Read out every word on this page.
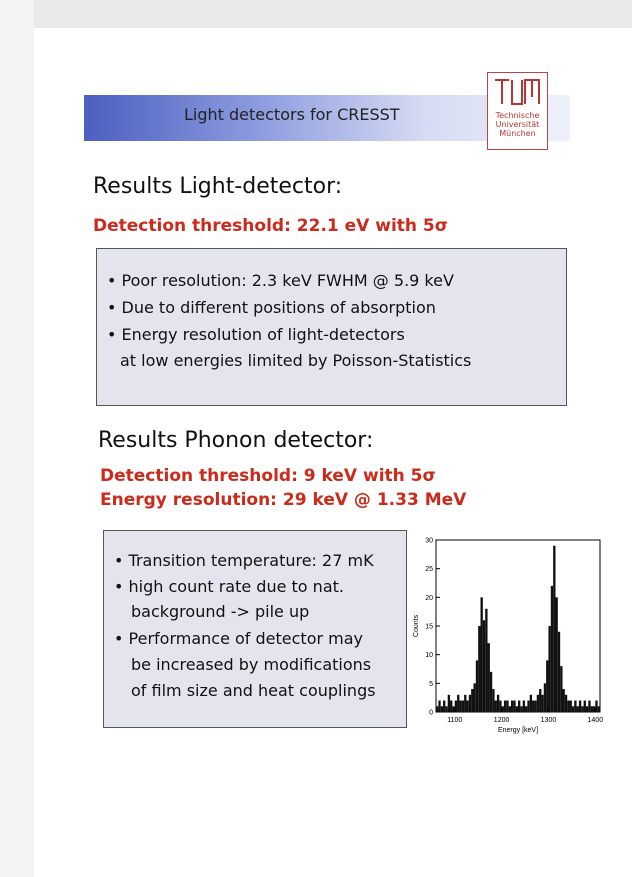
Light detectors for CRESST	Technische
Universität
München
Results Light-detector:
Detection threshold: 22.1 eV with 5σ
• Poor resolution: 2.3 keV FWHM @ 5.9 keV
• Due to different positions of absorption
• Energy resolution of light-detectors
at low energies limited by Poisson-Statistics
Results Phonon detector:
Detection threshold: 9 keV with 5σ
Energy resolution: 29 keV @ 1.33 MeV
• Transition temperature: 27 mK
• high count rate due to nat.
background -> pile up
• Performance of detector may
be increased by modifications
of film size and heat couplings
1100	1200	1300	1400
0
5
10
15
20
25
30
Energy [keV]
Counts
